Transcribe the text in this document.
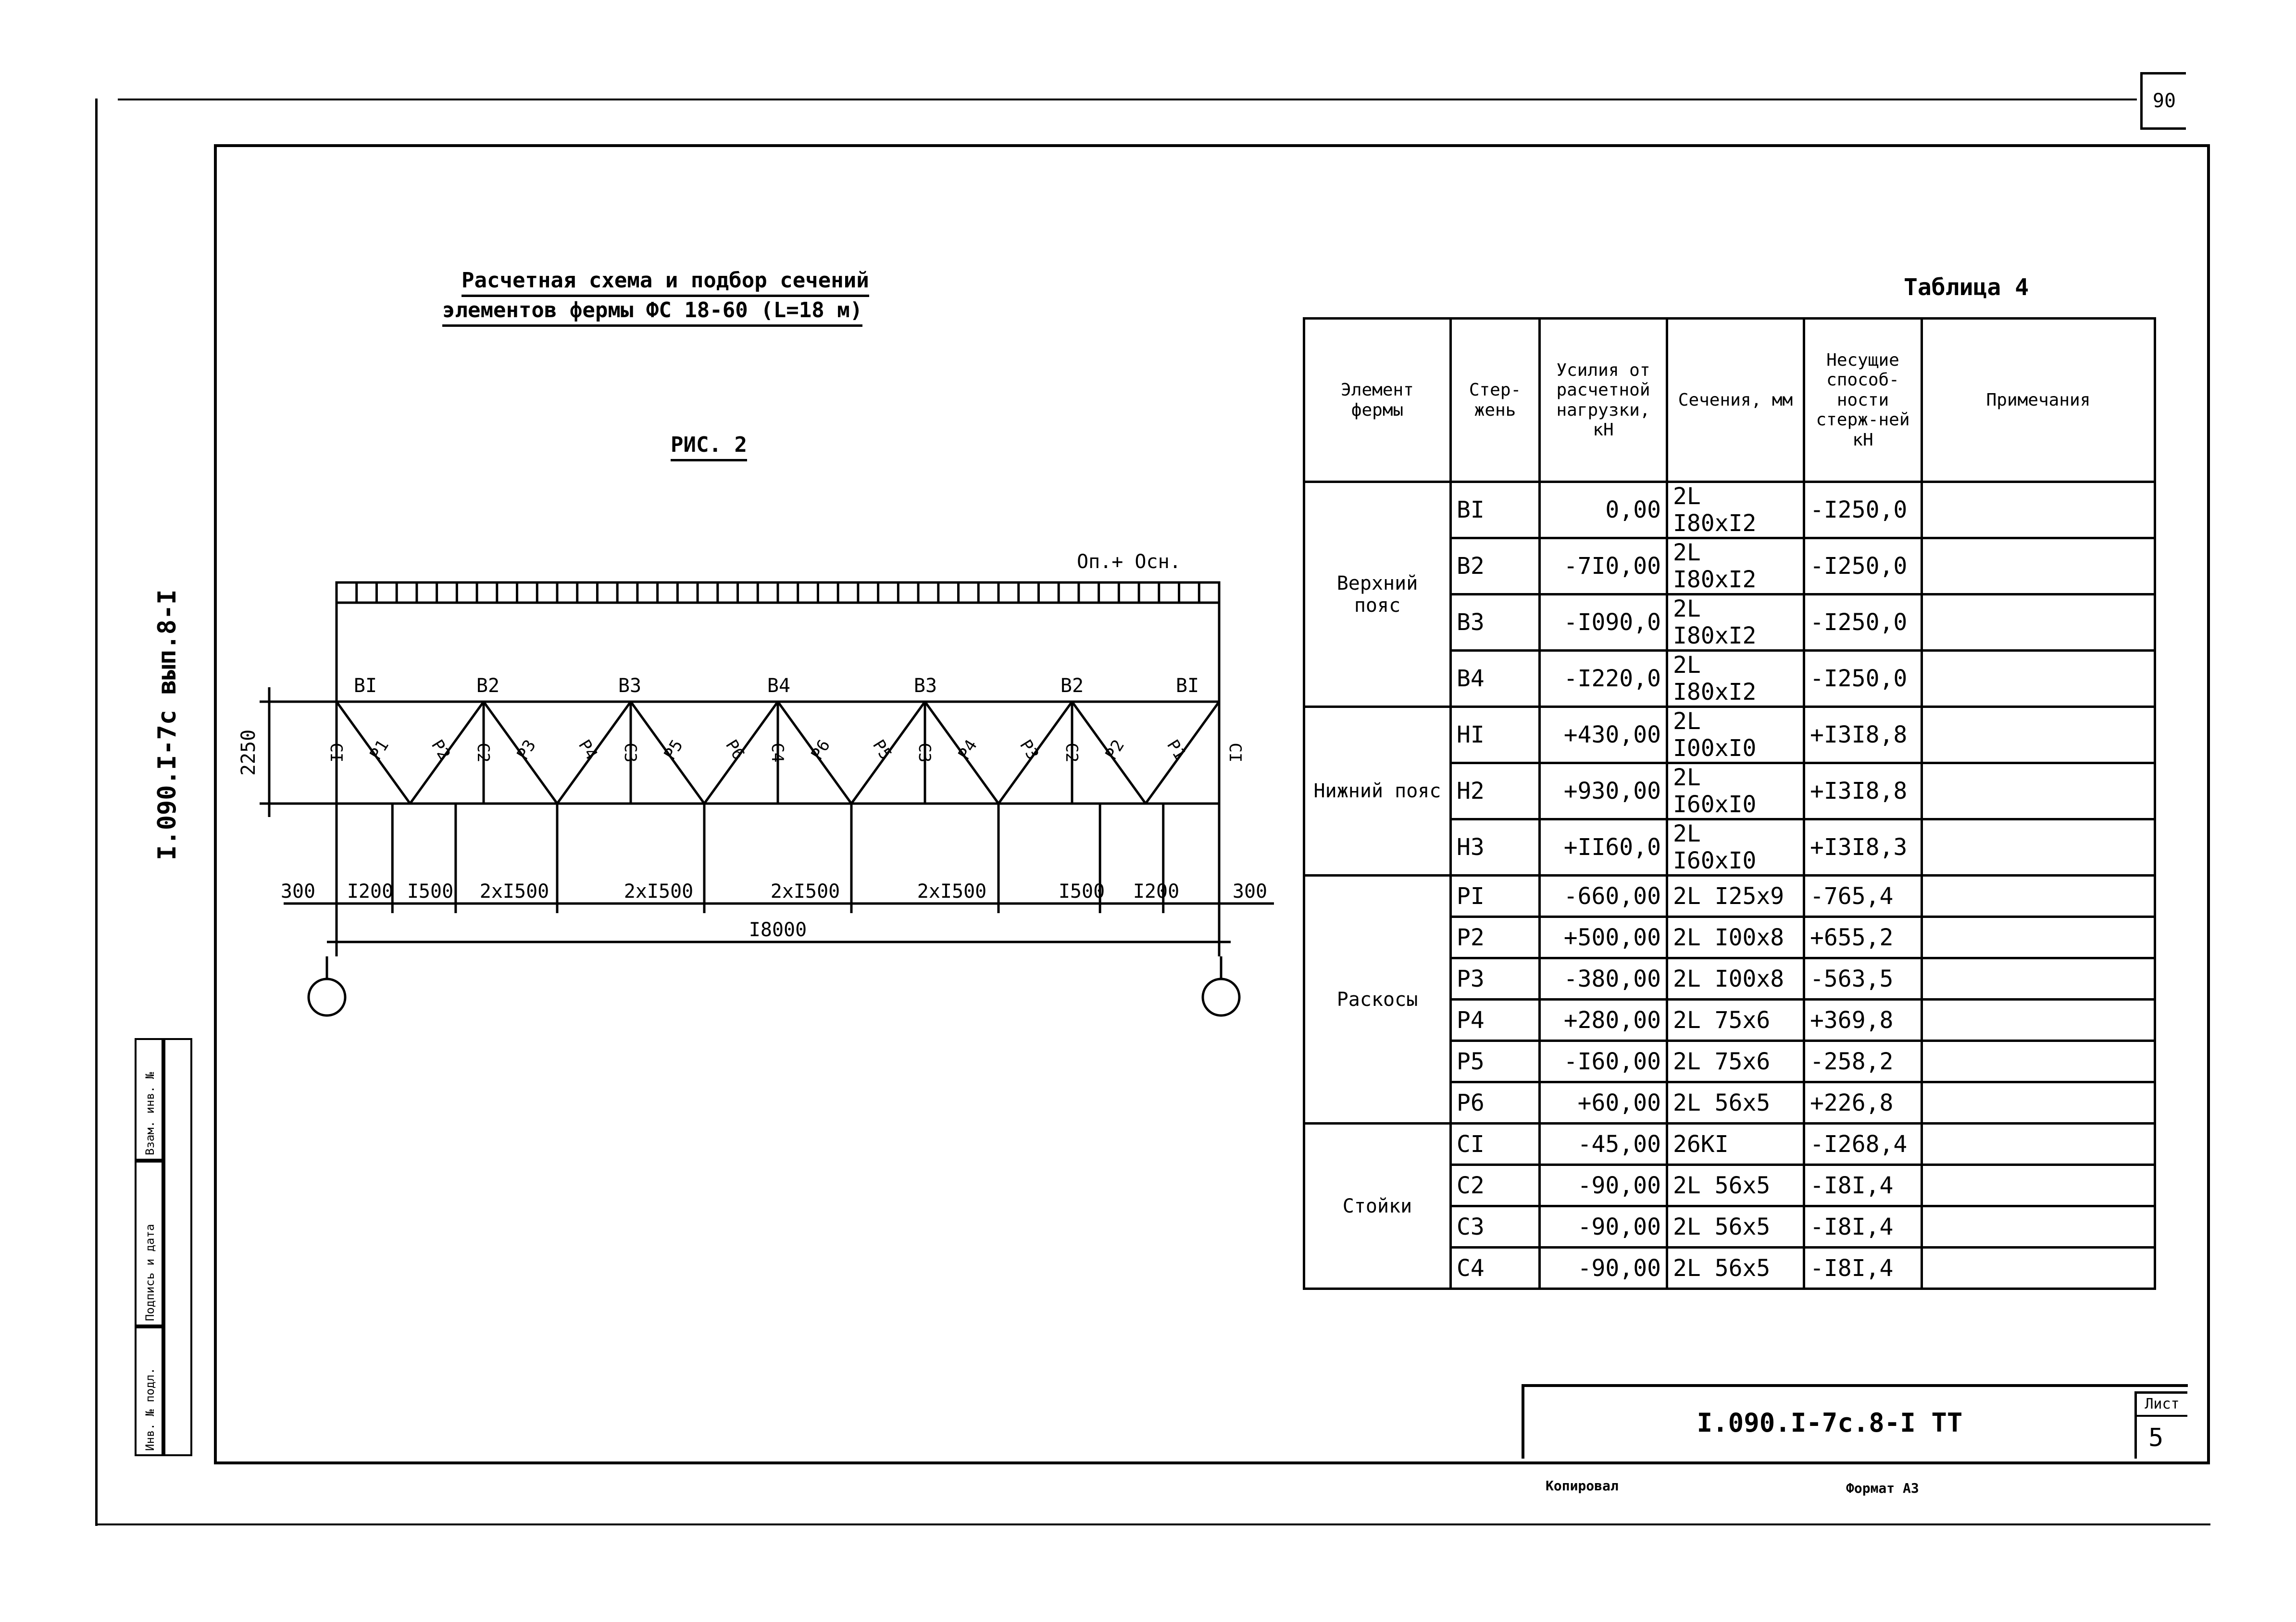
90
I.090.I-7c вып.8-I
Расчетная схема и подбор сечений
элементов фермы ФС 18-60 (L=18 м)
РИС. 2
Таблица 4
Оп.+ Осн.
BI	B2	B3	B4	B3	B2	BI
P1 P2	P3 P4	P5 P6	P6 P5	P4 P3	P2 P1
CI	C2	C3	C4	C3	C2	CI
2250
300 I200 I500 2xI500	2xI500	2xI500	2xI500	I500 I200	300
I8000
Элемент фермы	Стер-жень	Усилия от расчетной нагрузки, кН	Сечения, мм	Несущие способ-ности стерж-ней кН	Примечания
Верхний пояс	BI	0,00	2L I80xI2	-I250,0	
	B2	-7I0,00	2L I80xI2	-I250,0	
	B3	-I090,0	2L I80xI2	-I250,0	
	B4	-I220,0	2L I80xI2	-I250,0	
Нижний пояс	HI	+430,00	2L I00xI0	+I3I8,8	
	H2	+930,00	2L I60xI0	+I3I8,8	
	H3	+II60,0	2L I60xI0	+I3I8,3	
Раскосы	PI	-660,00	2L I25x9	-765,4	
	P2	+500,00	2L I00x8	+655,2	
	P3	-380,00	2L I00x8	-563,5	
	P4	+280,00	2L 75x6	+369,8	
	P5	-I60,00	2L 75x6	-258,2	
	P6	+60,00	2L 56x5	+226,8	
Стойки	CI	-45,00	26KI	-I268,4	
	C2	-90,00	2L 56x5	-I8I,4	
	C3	-90,00	2L 56x5	-I8I,4	
	C4	-90,00	2L 56x5	-I8I,4	
Взам. инв. №
Подпись и дата
Инв. № подл.	I.090.I-7c.8-I TT
Лист
5
Копировал	Формат А3
